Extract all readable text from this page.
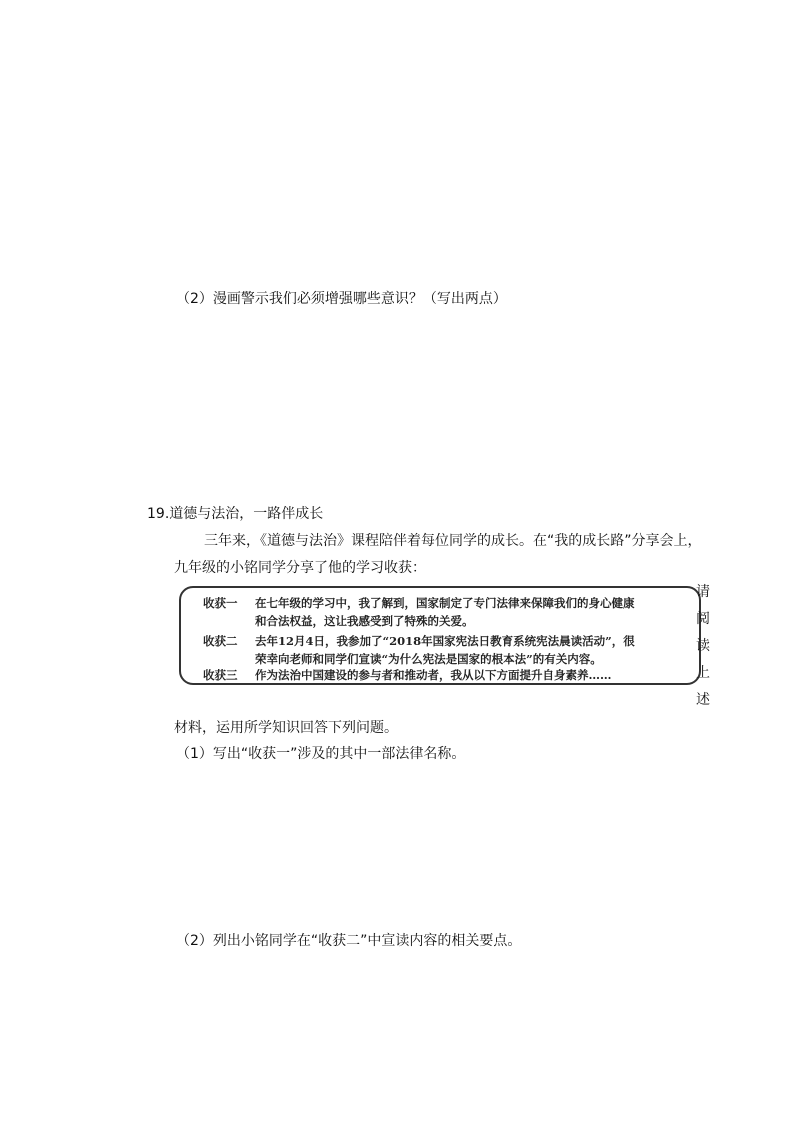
（2）漫画警示我们必须增强哪些意识？（写出两点）
19.道德与法治，一路伴成长
三年来，《道德与法治》课程陪伴着每位同学的成长。在“我的成长路”分享会上，
九年级的小铭同学分享了他的学习收获：
收获一 在七年级的学习中，我了解到，国家制定了专门法律来保障我们的身心健康
和合法权益，这让我感受到了特殊的关爱。
收获二 去年12月4日，我参加了“2018年国家宪法日教育系统宪法晨读活动”，很
荣幸向老师和同学们宣读“为什么宪法是国家的根本法”的有关内容。
收获三 作为法治中国建设的参与者和推动者，我从以下方面提升自身素养……
请
阅
读
上
述
材料，运用所学知识回答下列问题。
（1）写出“收获一”涉及的其中一部法律名称。
（2）列出小铭同学在“收获二”中宣读内容的相关要点。
